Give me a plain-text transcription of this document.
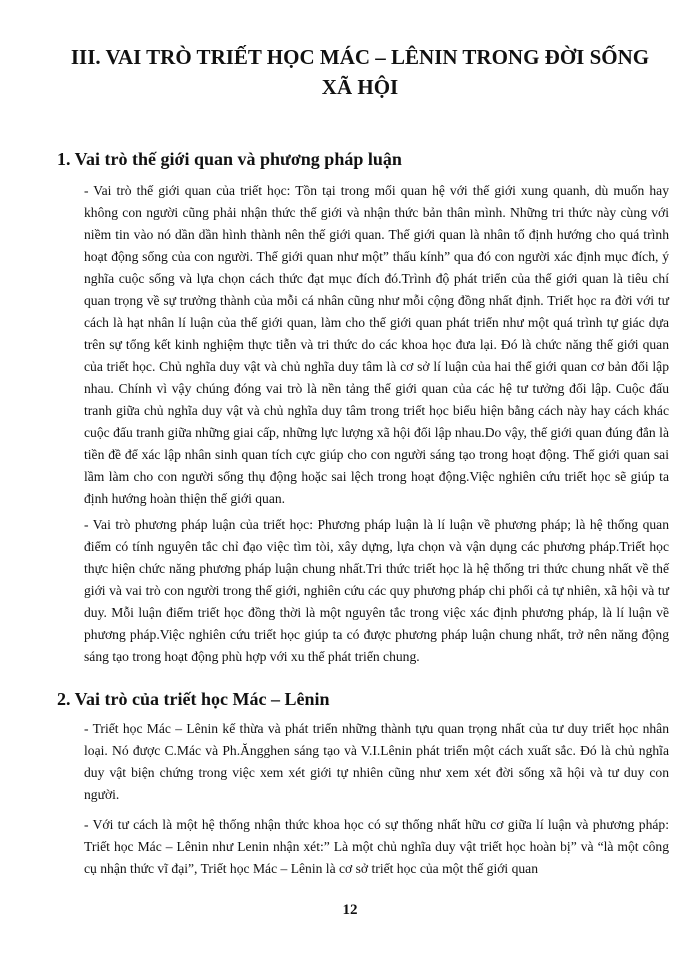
III. VAI TRÒ TRIẾT HỌC MÁC – LÊNIN TRONG ĐỜI SỐNG XÃ HỘI
1. Vai trò thế giới quan và phương pháp luận

- Vai trò thế giới quan của triết học: Tồn tại trong mối quan hệ với thế giới xung quanh, dù muốn hay không con người cũng phải nhận thức thế giới và nhận thức bản thân mình. Những tri thức này cùng với niềm tin vào nó dần dần hình thành nên thế giới quan. Thế giới quan là nhân tố định hướng cho quá trình hoạt động sống của con người. Thế giới quan như một” thấu kính” qua đó con người xác định mục đích, ý nghĩa cuộc sống và lựa chọn cách thức đạt mục đích đó.Trình độ phát triển của thế giới quan là tiêu chí quan trọng về sự trưởng thành của mỗi cá nhân cũng như mỗi cộng đồng nhất định. Triết học ra đời với tư cách là hạt nhân lí luận của thế giới quan, làm cho thế giới quan phát triển như một quá trình tự giác dựa trên sự tổng kết kinh nghiệm thực tiễn và tri thức do các khoa học đưa lại. Đó là chức năng thế giới quan của triết học. Chủ nghĩa duy vật và chủ nghĩa duy tâm là cơ sở lí luận của hai thế giới quan cơ bản đối lập nhau. Chính vì vậy chúng đóng vai trò là nền tảng thế giới quan của các hệ tư tưởng đối lập. Cuộc đấu tranh giữa chủ nghĩa duy vật và chủ nghĩa duy tâm trong triết học biểu hiện bằng cách này hay cách khác cuộc đấu tranh giữa những giai cấp, những lực lượng xã hội đối lập nhau.Do vậy, thế giới quan đúng đắn là tiền đề để xác lập nhân sinh quan tích cực giúp cho con người sáng tạo trong hoạt động. Thế giới quan sai lầm làm cho con người sống thụ động hoặc sai lệch trong hoạt động.Việc nghiên cứu triết học sẽ giúp ta định hướng hoàn thiện thế giới quan.

- Vai trò phương pháp luận của triết học: Phương pháp luận là lí luận về phương pháp; là hệ thống quan điểm có tính nguyên tắc chỉ đạo việc tìm tòi, xây dựng, lựa chọn và vận dụng các phương pháp.Triết học thực hiện chức năng phương pháp luận chung nhất.Tri thức triết học là hệ thống tri thức chung nhất về thế giới và vai trò con người trong thế giới, nghiên cứu các quy phương pháp chi phối cả tự nhiên, xã hội và tư duy. Mỗi luận điểm triết học đồng thời là một nguyên tắc trong việc xác định phương pháp, là lí luận về phương pháp.Việc nghiên cứu triết học giúp ta có được phương pháp luận chung nhất, trở nên năng động sáng tạo trong hoạt động phù hợp với xu thế phát triển chung.

2. Vai trò của triết học Mác – Lênin

- Triết học Mác – Lênin kế thừa và phát triển những thành tựu quan trọng nhất của tư duy triết học nhân loại. Nó được C.Mác và Ph.Ăngghen sáng tạo và V.I.Lênin phát triển một cách xuất sắc. Đó là chủ nghĩa duy vật biện chứng trong việc xem xét giới tự nhiên cũng như xem xét đời sống xã hội và tư duy con người.

- Với tư cách là một hệ thống nhận thức khoa học có sự thống nhất hữu cơ giữa lí luận và phương pháp: Triết học Mác – Lênin như Lenin nhận xét:” Là một chủ nghĩa duy vật triết học hoàn bị” và “là một công cụ nhận thức vĩ đại”, Triết học Mác – Lênin là cơ sở triết học của một thế giới quan

12
